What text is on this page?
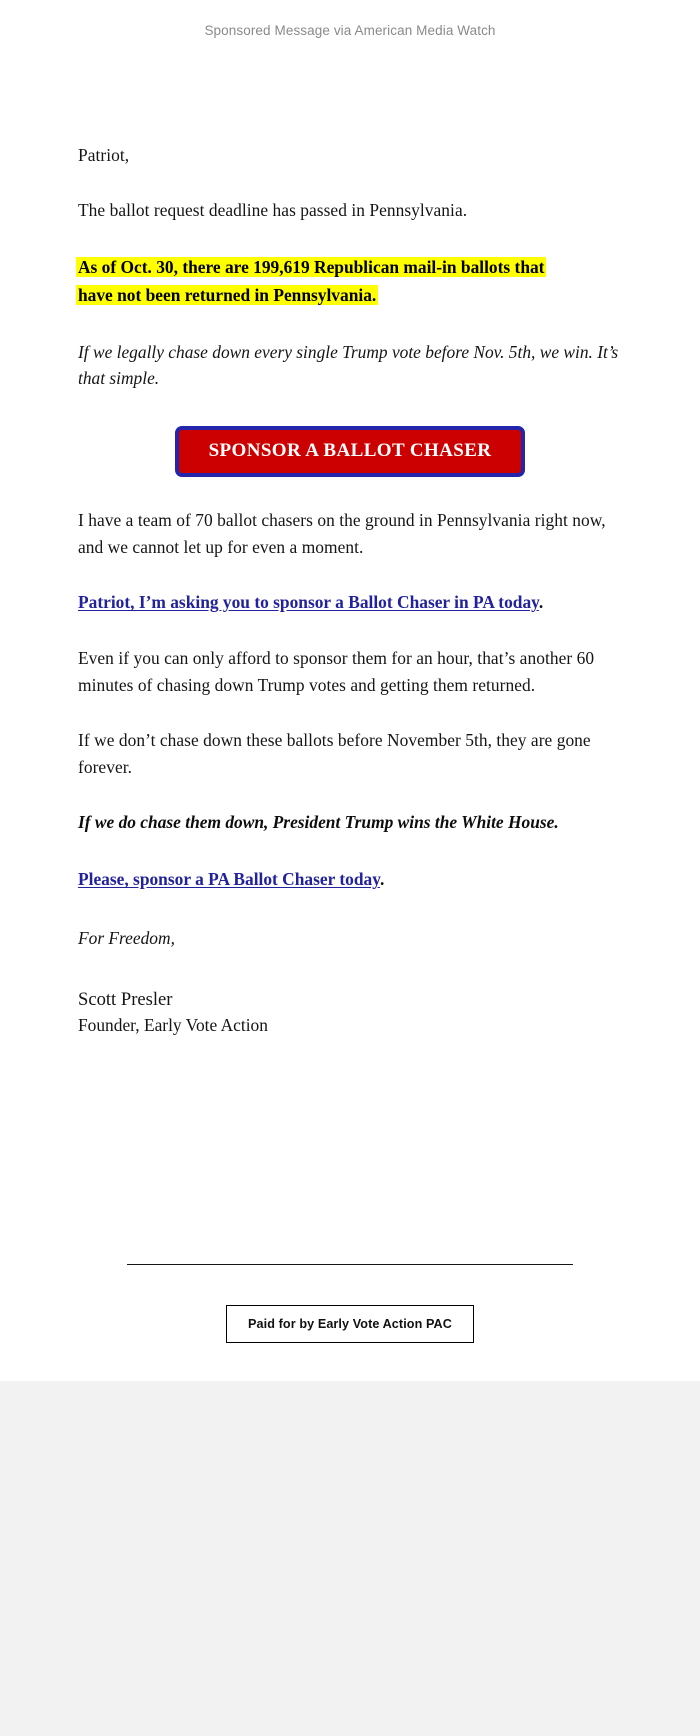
Sponsored Message via American Media Watch

Patriot,

The ballot request deadline has passed in Pennsylvania.

As of Oct. 30, there are 199,619 Republican mail-in ballots that
have not been returned in Pennsylvania.

If we legally chase down every single Trump vote before Nov. 5th, we win. It’s that simple.

SPONSOR A BALLOT CHASER

I have a team of 70 ballot chasers on the ground in Pennsylvania right now, and we cannot let up for even a moment.

Patriot, I’m asking you to sponsor a Ballot Chaser in PA today.

Even if you can only afford to sponsor them for an hour, that’s another 60 minutes of chasing down Trump votes and getting them returned.

If we don’t chase down these ballots before November 5th, they are gone forever.

If we do chase them down, President Trump wins the White House.

Please, sponsor a PA Ballot Chaser today.

For Freedom,

Scott Presler

Founder, Early Vote Action

Paid for by Early Vote Action PAC
